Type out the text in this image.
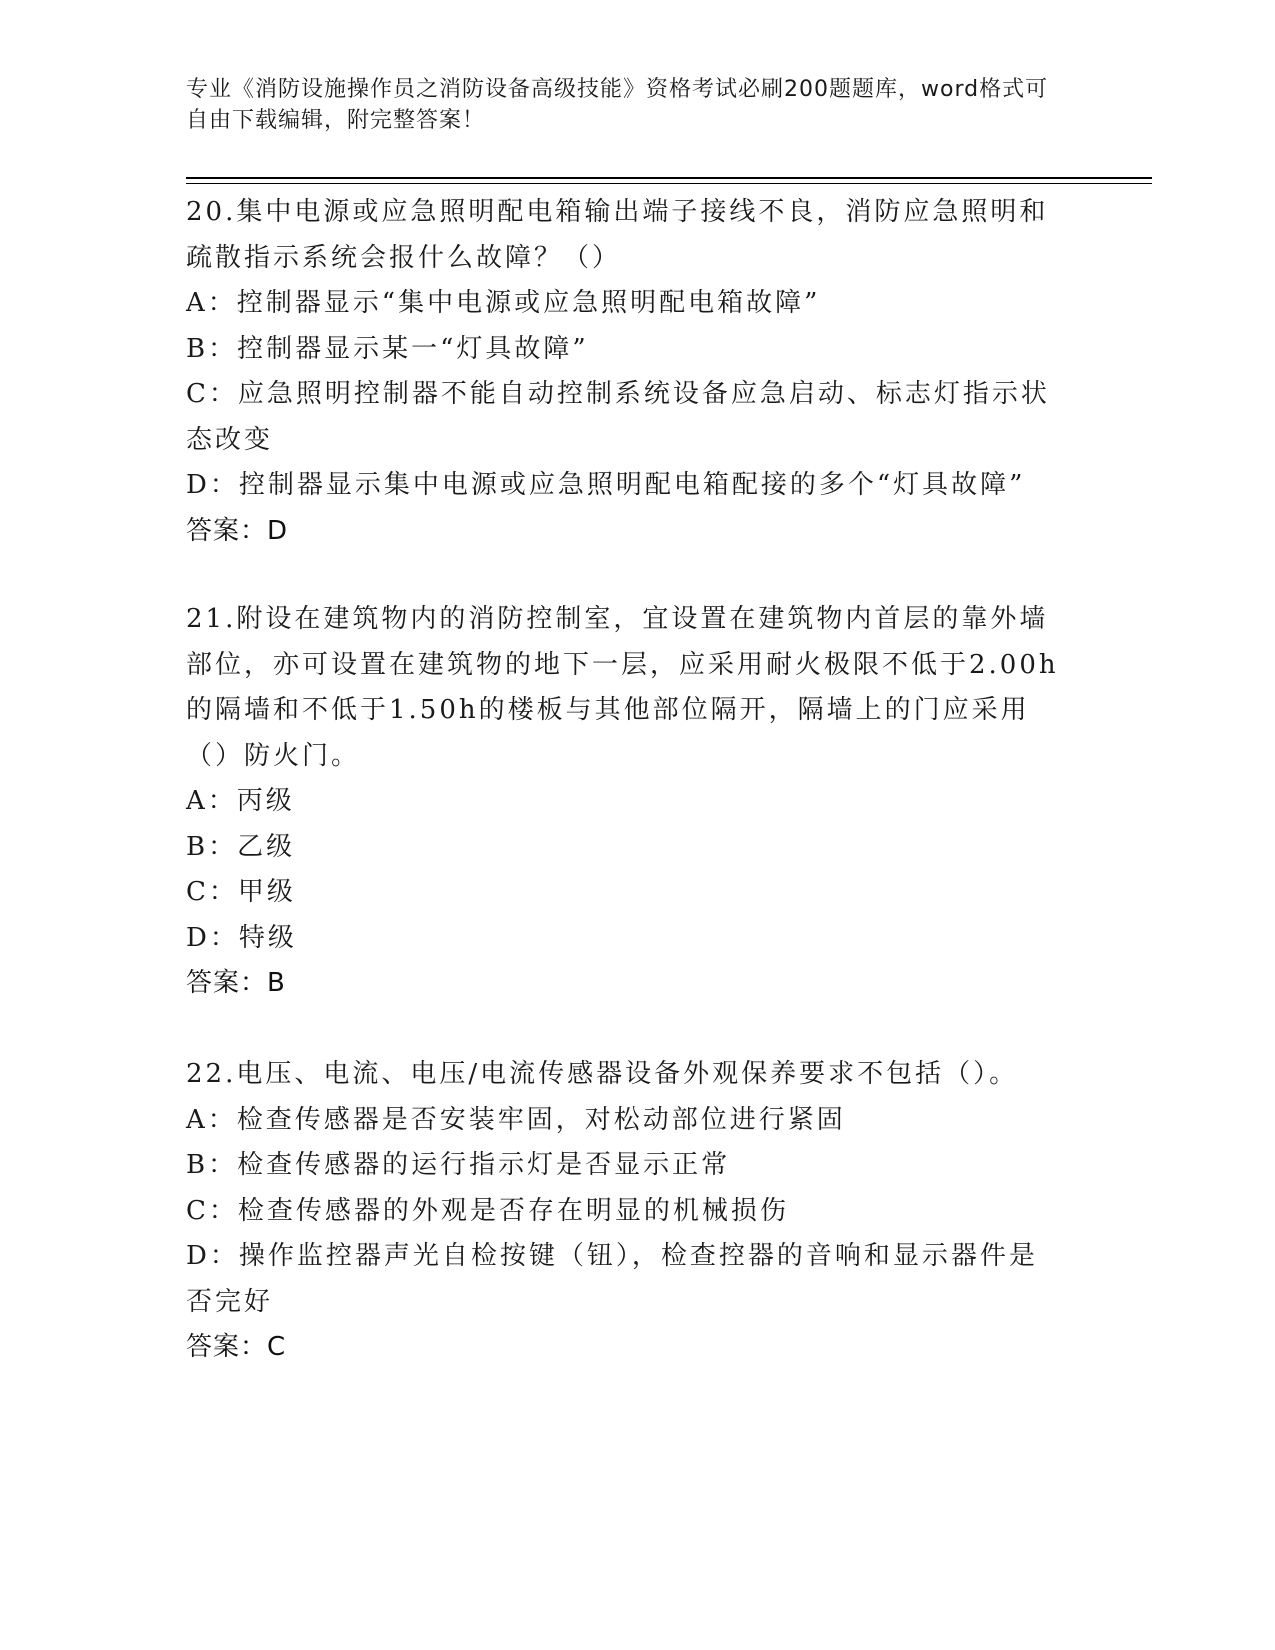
专业《消防设施操作员之消防设备高级技能》资格考试必刷200题题库，word格式可自由下载编辑，附完整答案！

20.集中电源或应急照明配电箱输出端子接线不良，消防应急照明和疏散指示系统会报什么故障？（）

A：控制器显示“集中电源或应急照明配电箱故障”

B：控制器显示某一“灯具故障”

C：应急照明控制器不能自动控制系统设备应急启动、标志灯指示状态改变

D：控制器显示集中电源或应急照明配电箱配接的多个“灯具故障”

答案：D

21.附设在建筑物内的消防控制室，宜设置在建筑物内首层的靠外墙部位，亦可设置在建筑物的地下一层，应采用耐火极限不低于2.00h的隔墙和不低于1.50h的楼板与其他部位隔开，隔墙上的门应采用（）防火门。

A：丙级

B：乙级

C：甲级

D：特级

答案：B

22.电压、电流、电压/电流传感器设备外观保养要求不包括（）。

A：检查传感器是否安装牢固，对松动部位进行紧固

B：检查传感器的运行指示灯是否显示正常

C：检查传感器的外观是否存在明显的机械损伤

D：操作监控器声光自检按键（钮），检查控器的音响和显示器件是否完好

答案：C
